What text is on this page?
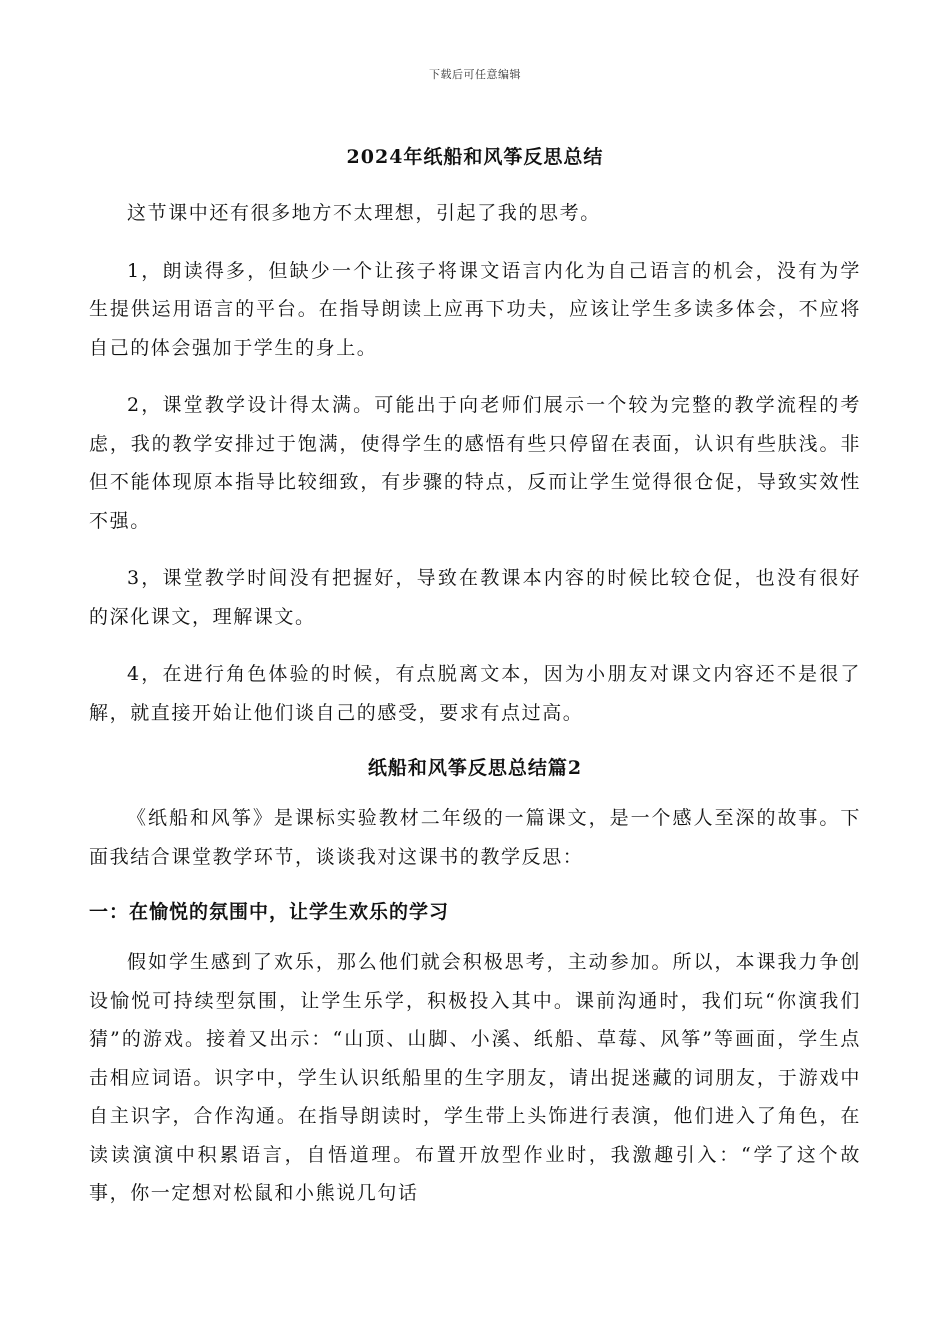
下载后可任意编辑
2024年纸船和风筝反思总结

这节课中还有很多地方不太理想，引起了我的思考。

1，朗读得多，但缺少一个让孩子将课文语言内化为自己语言的机会，没有为学生提供运用语言的平台。在指导朗读上应再下功夫，应该让学生多读多体会，不应将自己的体会强加于学生的身上。

2，课堂教学设计得太满。可能出于向老师们展示一个较为完整的教学流程的考虑，我的教学安排过于饱满，使得学生的感悟有些只停留在表面，认识有些肤浅。非但不能体现原本指导比较细致，有步骤的特点，反而让学生觉得很仓促，导致实效性不强。

3，课堂教学时间没有把握好，导致在教课本内容的时候比较仓促，也没有很好的深化课文，理解课文。

4，在进行角色体验的时候，有点脱离文本，因为小朋友对课文内容还不是很了解，就直接开始让他们谈自己的感受，要求有点过高。

纸船和风筝反思总结篇2

《纸船和风筝》是课标实验教材二年级的一篇课文，是一个感人至深的故事。下面我结合课堂教学环节，谈谈我对这课书的教学反思：

一：在愉悦的氛围中，让学生欢乐的学习

假如学生感到了欢乐，那么他们就会积极思考，主动参加。所以，本课我力争创设愉悦可持续型氛围，让学生乐学，积极投入其中。课前沟通时，我们玩“你演我们猜”的游戏。接着又出示：“山顶、山脚、小溪、纸船、草莓、风筝”等画面，学生点击相应词语。识字中，学生认识纸船里的生字朋友，请出捉迷藏的词朋友，于游戏中自主识字，合作沟通。在指导朗读时，学生带上头饰进行表演，他们进入了角色，在读读演演中积累语言，自悟道理。布置开放型作业时，我激趣引入：“学了这个故事，你一定想对松鼠和小熊说几句话
